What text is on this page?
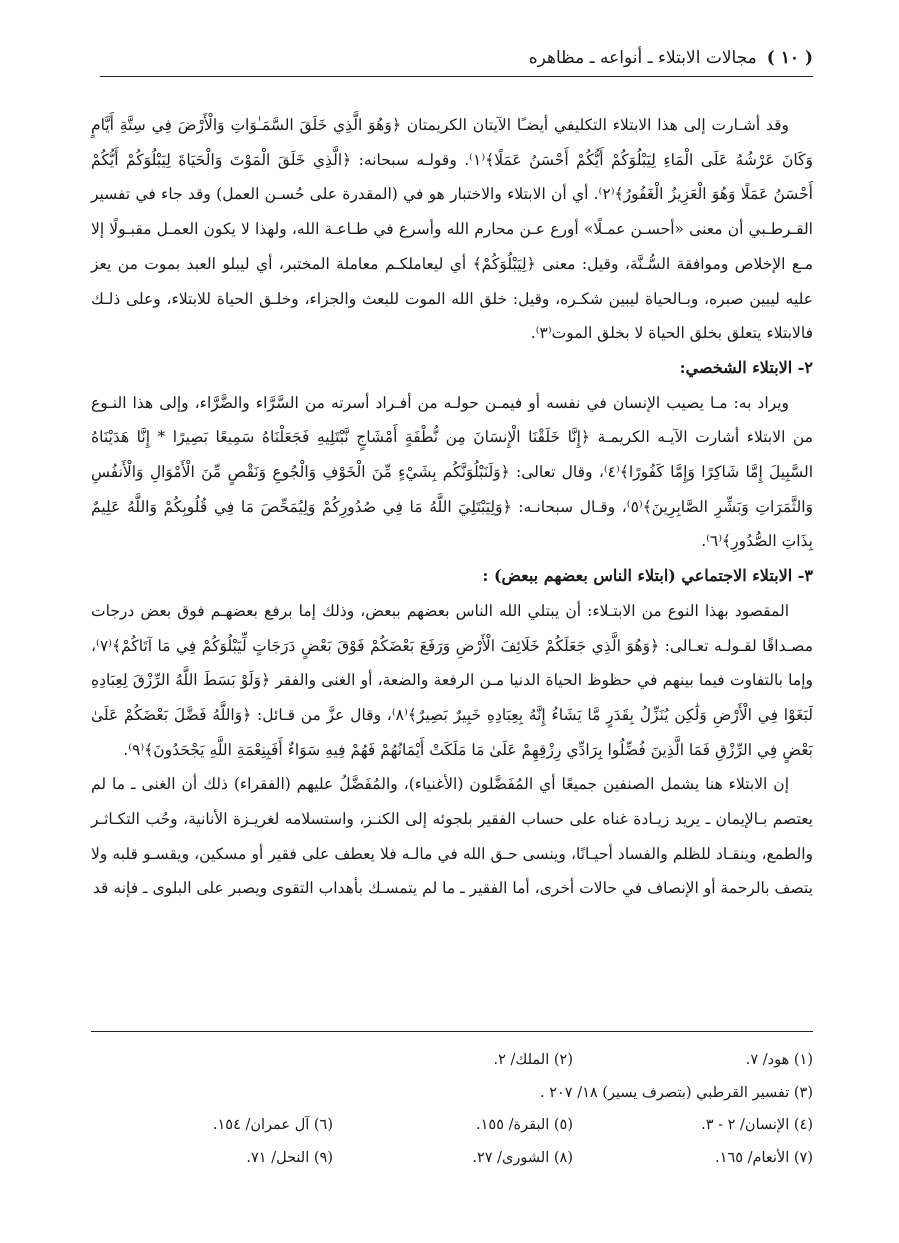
( ١٠ )
مجالات الابتلاء ـ أنواعه ـ مظاهره

وقد أشـارت إلى هذا الابتلاء التكليفي أيضـًا الآيتان الكريمتان ﴿وَهُوَ الَّذِي خَلَقَ السَّمَـٰوَاتِ وَالْأَرْضَ فِي سِتَّةِ أَيَّامٍ وَكَانَ عَرْشُهُ عَلَى الْمَاءِ لِيَبْلُوَكُمْ أَيُّكُمْ أَحْسَنُ عَمَلًا﴾⁽١⁾. وقولـه سبحانه: ﴿الَّذِي خَلَقَ الْمَوْتَ وَالْحَيَاةَ لِيَبْلُوَكُمْ أَيُّكُمْ أَحْسَنُ عَمَلًا وَهُوَ الْعَزِيزُ الْغَفُورُ﴾⁽٢⁾. أي أن الابتلاء والاختبار هو في (المقدرة على حُسـن العمل) وقد جاء في تفسير القـرطـبي أن معنى «أحسـن عمـلًا» أورع عـن محارم الله وأسرع في طـاعـة الله، ولهذا لا يكون العمـل مقبـولًا إلا مـع الإخلاص وموافقة السُّـنَّة، وقيل: معنى ﴿لِيَبْلُوَكُمْ﴾ أي ليعاملكـم معاملة المختبر، أي ليبلو العبد بموت من يعز عليه ليبين صبره، وبـالحياة ليبين شكـره، وقيل: خلق الله الموت للبعث والجزاء، وخلـق الحياة للابتلاء، وعلى ذلـك فالابتلاء يتعلق بخلق الحياة لا بخلق الموت⁽٣⁾.

٢- الابتلاء الشخصي:

ويراد به: مـا يصيب الإنسان في نفسه أو فيمـن حولـه من أفـراد أسرته من السَّرَّاء والضَّرَّاء، وإلى هذا النـوع من الابتلاء أشارت الآيـه الكريمـة ﴿إِنَّا خَلَقْنَا الْإِنسَانَ مِن نُّطْفَةٍ أَمْشَاجٍ نَّبْتَلِيهِ فَجَعَلْنَاهُ سَمِيعًا بَصِيرًا * إِنَّا هَدَيْنَاهُ السَّبِيلَ إِمَّا شَاكِرًا وَإِمَّا كَفُورًا﴾⁽٤⁾، وقال تعالى: ﴿وَلَنَبْلُوَنَّكُم بِشَيْءٍ مِّنَ الْخَوْفِ وَالْجُوعِ وَنَقْصٍ مِّنَ الْأَمْوَالِ وَالْأَنفُسِ وَالثَّمَرَاتِ وَبَشِّرِ الصَّابِرِينَ﴾⁽٥⁾، وقـال سبحانـه: ﴿وَلِيَبْتَلِيَ اللَّهُ مَا فِي صُدُورِكُمْ وَلِيُمَحِّصَ مَا فِي قُلُوبِكُمْ وَاللَّهُ عَلِيمٌ بِذَاتِ الصُّدُورِ﴾⁽٦⁾.

٣- الابتلاء الاجتماعي (ابتلاء الناس بعضهم ببعض) :

المقصود بهذا النوع من الابتـلاء: أن يبتلي الله الناس بعضهم ببعض، وذلك إما برفع بعضهـم فوق بعض درجات مصـداقًا لقـولـه تعـالى: ﴿وَهُوَ الَّذِي جَعَلَكُمْ خَلَائِفَ الْأَرْضِ وَرَفَعَ بَعْضَكُمْ فَوْقَ بَعْضٍ دَرَجَاتٍ لِّيَبْلُوَكُمْ فِي مَا آتَاكُمْ﴾⁽٧⁾، وإما بالتفاوت فيما بينهم في حظوظ الحياة الدنيا مـن الرفعة والضعة، أو الغنى والفقر ﴿وَلَوْ بَسَطَ اللَّهُ الرِّزْقَ لِعِبَادِهِ لَبَغَوْا فِي الْأَرْضِ وَلَٰكِن يُنَزِّلُ بِقَدَرٍ مَّا يَشَاءُ إِنَّهُ بِعِبَادِهِ خَبِيرٌ بَصِيرٌ﴾⁽٨⁾، وقال عزَّ من قـائل: ﴿وَاللَّهُ فَضَّلَ بَعْضَكُمْ عَلَىٰ بَعْضٍ فِي الرِّزْقِ فَمَا الَّذِينَ فُضِّلُوا بِرَادِّي رِزْقِهِمْ عَلَىٰ مَا مَلَكَتْ أَيْمَانُهُمْ فَهُمْ فِيهِ سَوَاءٌ أَفَبِنِعْمَةِ اللَّهِ يَجْحَدُونَ﴾⁽٩⁾.

إن الابتلاء هنا يشمل الصنفين جميعًا أي المُفَضَّلون (الأغنياء)، والمُفَضَّلُ عليهم (الفقراء) ذلك أن الغنى ـ ما لم يعتصم بـالإيمان ـ يريد زيـادة غناه على حساب الفقير بلجوئه إلى الكنـز، واستسلامه لغريـزة الأنانية، وحُب التكـاثـر والطمع، وينقـاد للظلم والفساد أحيـانًا، وينسى حـق الله في مالـه فلا يعطف على فقير أو مسكين، ويقسـو قلبه ولا يتصف بالرحمة أو الإنصاف في حالات أخرى، أما الفقير ـ ما لم يتمسـك بأهداب التقوى ويصبر على البلوى ـ فإنه قد

(١) هود/ ٧.
(٢) الملك/ ٢.
(٣) تفسير القرطبي (بتصرف يسير) ١٨/ ٢٠٧ .
(٤) الإنسان/ ٢ - ٣.
(٥) البقرة/ ١٥٥.
(٦) آل عمران/ ١٥٤.
(٧) الأنعام/ ١٦٥.
(٨) الشورى/ ٢٧.
(٩) النحل/ ٧١.
